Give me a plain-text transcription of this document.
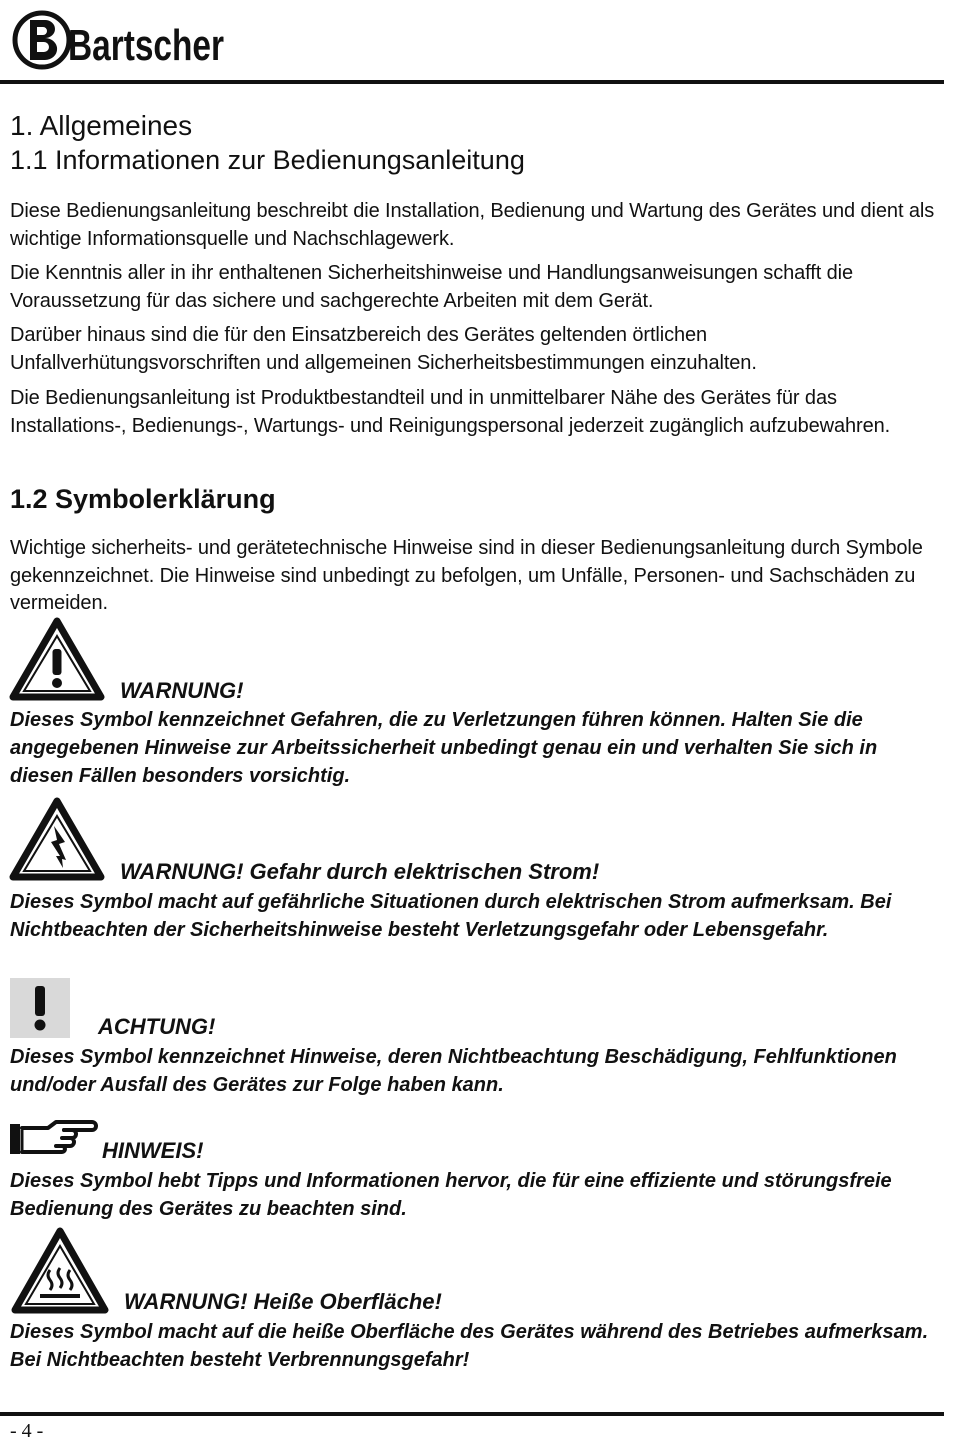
Bartscher
1. Allgemeines
1.1 Informationen zur Bedienungsanleitung

Diese Bedienungsanleitung beschreibt die Installation, Bedienung und Wartung des Gerätes und dient als wichtige Informationsquelle und Nachschlagewerk.

Die Kenntnis aller in ihr enthaltenen Sicherheitshinweise und Handlungsanweisungen schafft die Voraussetzung für das sichere und sachgerechte Arbeiten mit dem Gerät.

Darüber hinaus sind die für den Einsatzbereich des Gerätes geltenden örtlichen Unfallverhütungsvorschriften und allgemeinen Sicherheitsbestimmungen einzuhalten.

Die Bedienungsanleitung ist Produktbestandteil und in unmittelbarer Nähe des Gerätes für das Installations-, Bedienungs-, Wartungs- und Reinigungspersonal jederzeit zugänglich aufzubewahren.

1.2 Symbolerklärung

Wichtige sicherheits- und gerätetechnische Hinweise sind in dieser Bedienungsanleitung durch Symbole gekennzeichnet. Die Hinweise sind unbedingt zu befolgen, um Unfälle, Personen- und Sachschäden zu vermeiden.

WARNUNG!

Dieses Symbol kennzeichnet Gefahren, die zu Verletzungen führen können. Halten Sie die angegebenen Hinweise zur Arbeitssicherheit unbedingt genau ein und verhalten Sie sich in diesen Fällen besonders vorsichtig.

WARNUNG! Gefahr durch elektrischen Strom!

Dieses Symbol macht auf gefährliche Situationen durch elektrischen Strom aufmerksam. Bei Nichtbeachten der Sicherheitshinweise besteht Verletzungsgefahr oder Lebensgefahr.

ACHTUNG!

Dieses Symbol kennzeichnet Hinweise, deren Nichtbeachtung Beschädigung, Fehlfunktionen und/oder Ausfall des Gerätes zur Folge haben kann.

HINWEIS!

Dieses Symbol hebt Tipps und Informationen hervor, die für eine effiziente und störungsfreie Bedienung des Gerätes zu beachten sind.

WARNUNG! Heiße Oberfläche!

Dieses Symbol macht auf die heiße Oberfläche des Gerätes während des Betriebes aufmerksam. Bei Nichtbeachten besteht Verbrennungsgefahr!

- 4 -
